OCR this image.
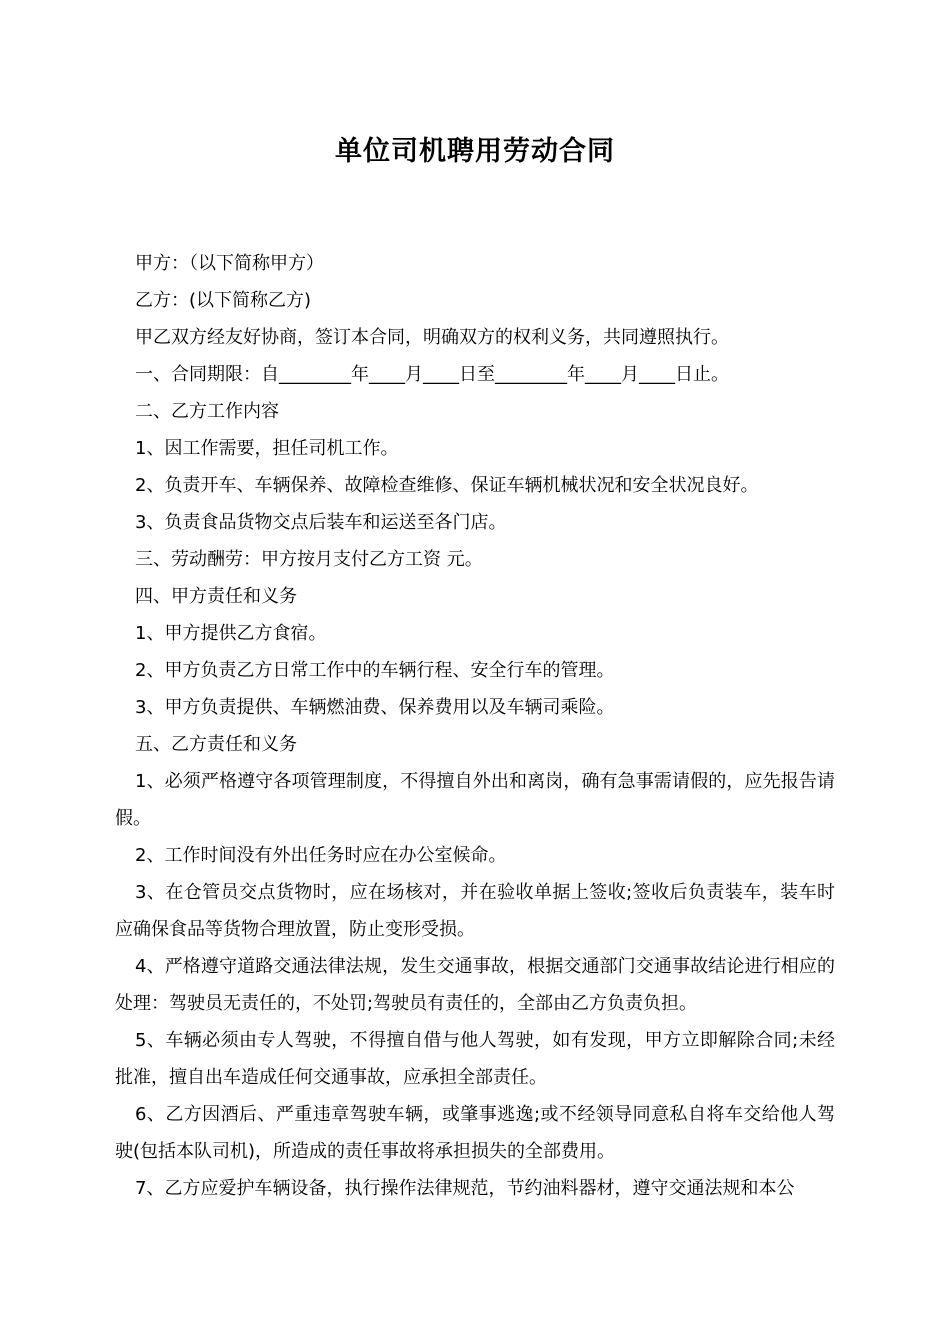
单位司机聘用劳动合同

甲方：（以下简称甲方）

乙方：(以下简称乙方)

甲乙双方经友好协商，签订本合同，明确双方的权利义务，共同遵照执行。

一、合同期限：自________年____月____日至________年____月____日止。

二、乙方工作内容

1、因工作需要，担任司机工作。

2、负责开车、车辆保养、故障检查维修、保证车辆机械状况和安全状况良好。

3、负责食品货物交点后装车和运送至各门店。

三、劳动酬劳：甲方按月支付乙方工资 元。

四、甲方责任和义务

1、甲方提供乙方食宿。

2、甲方负责乙方日常工作中的车辆行程、安全行车的管理。

3、甲方负责提供、车辆燃油费、保养费用以及车辆司乘险。

五、乙方责任和义务

1、必须严格遵守各项管理制度，不得擅自外出和离岗，确有急事需请假的，应先报告请假。

2、工作时间没有外出任务时应在办公室候命。

3、在仓管员交点货物时，应在场核对，并在验收单据上签收;签收后负责装车，装车时应确保食品等货物合理放置，防止变形受损。

4、严格遵守道路交通法律法规，发生交通事故，根据交通部门交通事故结论进行相应的处理：驾驶员无责任的，不处罚;驾驶员有责任的，全部由乙方负责负担。

5、车辆必须由专人驾驶，不得擅自借与他人驾驶，如有发现，甲方立即解除合同;未经批准，擅自出车造成任何交通事故，应承担全部责任。

6、乙方因酒后、严重违章驾驶车辆，或肇事逃逸;或不经领导同意私自将车交给他人驾驶(包括本队司机)，所造成的责任事故将承担损失的全部费用。

7、乙方应爱护车辆设备，执行操作法律规范，节约油料器材，遵守交通法规和本公
